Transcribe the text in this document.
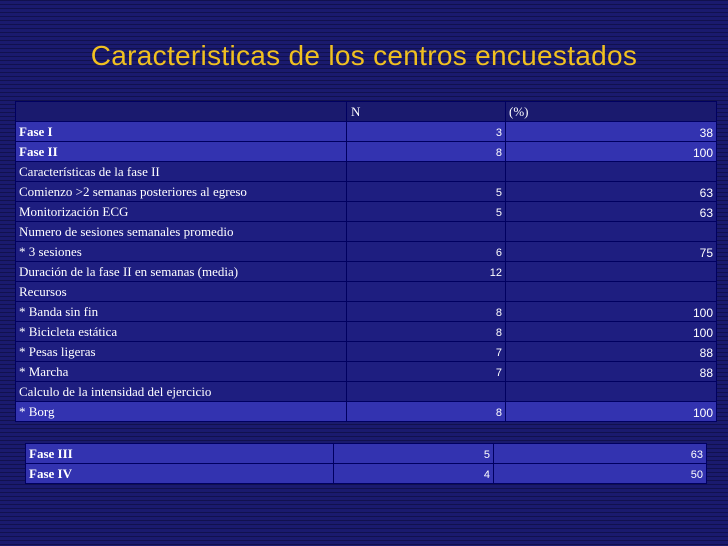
Caracteristicas de los centros encuestados
	N	(%)
Fase I	3	38
Fase II	8	100
Características de la fase II		
Comienzo >2 semanas posteriores al egreso	5	63
Monitorización ECG	5	63
Numero de sesiones semanales promedio		
* 3 sesiones	6	75
Duración de la fase II en semanas (media)	12	
Recursos		
* Banda sin fin	8	100
* Bicicleta estática	8	100
* Pesas ligeras	7	88
* Marcha	7	88
Calculo de la intensidad del ejercicio		
* Borg	8	100
Fase III	5	63
Fase IV	4	50
